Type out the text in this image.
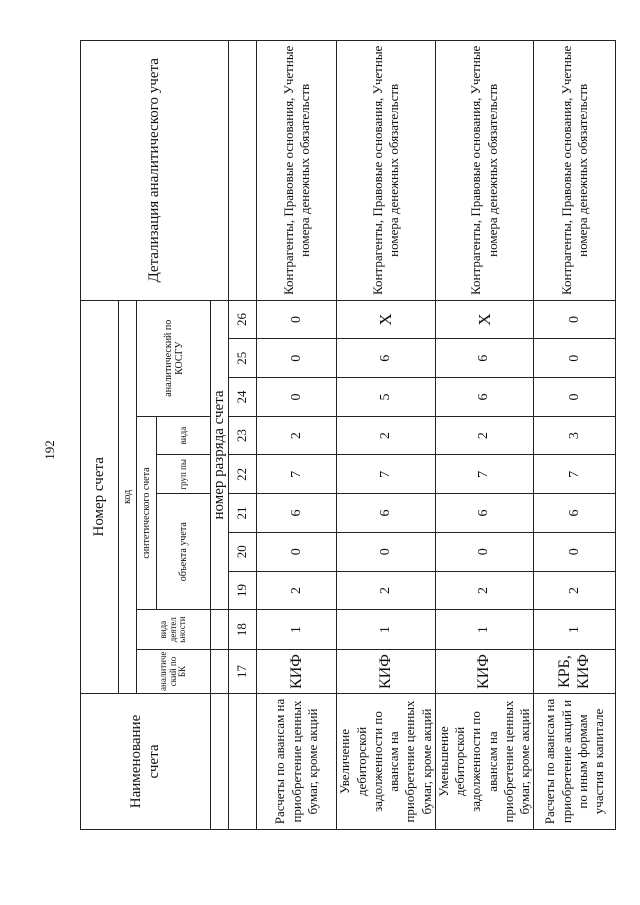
192
Наименование счета	Номер счета										Детализация аналитического учета
	код										
	аналитиче ский по БК	вида деятел ьности	синтетического счета					аналитический по КОСГУ			
			объекта учета			груп пы	вида				

			номер разряда счета								
	17	18	19	20	21	22	23	24	25	26	
Расчеты по авансам на приобретение ценных бумаг, кроме акций	КИФ	1	2	0	6	7	2	0	0	0	Контрагенты, Правовые основания, Учетные номера денежных обязательств
Увеличение дебиторской задолженности по авансам на приобретение ценных бумаг, кроме акций	КИФ	1	2	0	6	7	2	5	6	Х	Контрагенты, Правовые основания, Учетные номера денежных обязательств
Уменьшение дебиторской задолженности по авансам на приобретение ценных бумаг, кроме акций	КИФ	1	2	0	6	7	2	6	6	Х	Контрагенты, Правовые основания, Учетные номера денежных обязательств
Расчеты по авансам на приобретение акций и по иным формам участия в капитале	КРБ, КИФ	1	2	0	6	7	3	0	0	0	Контрагенты, Правовые основания, Учетные номера денежных обязательств
